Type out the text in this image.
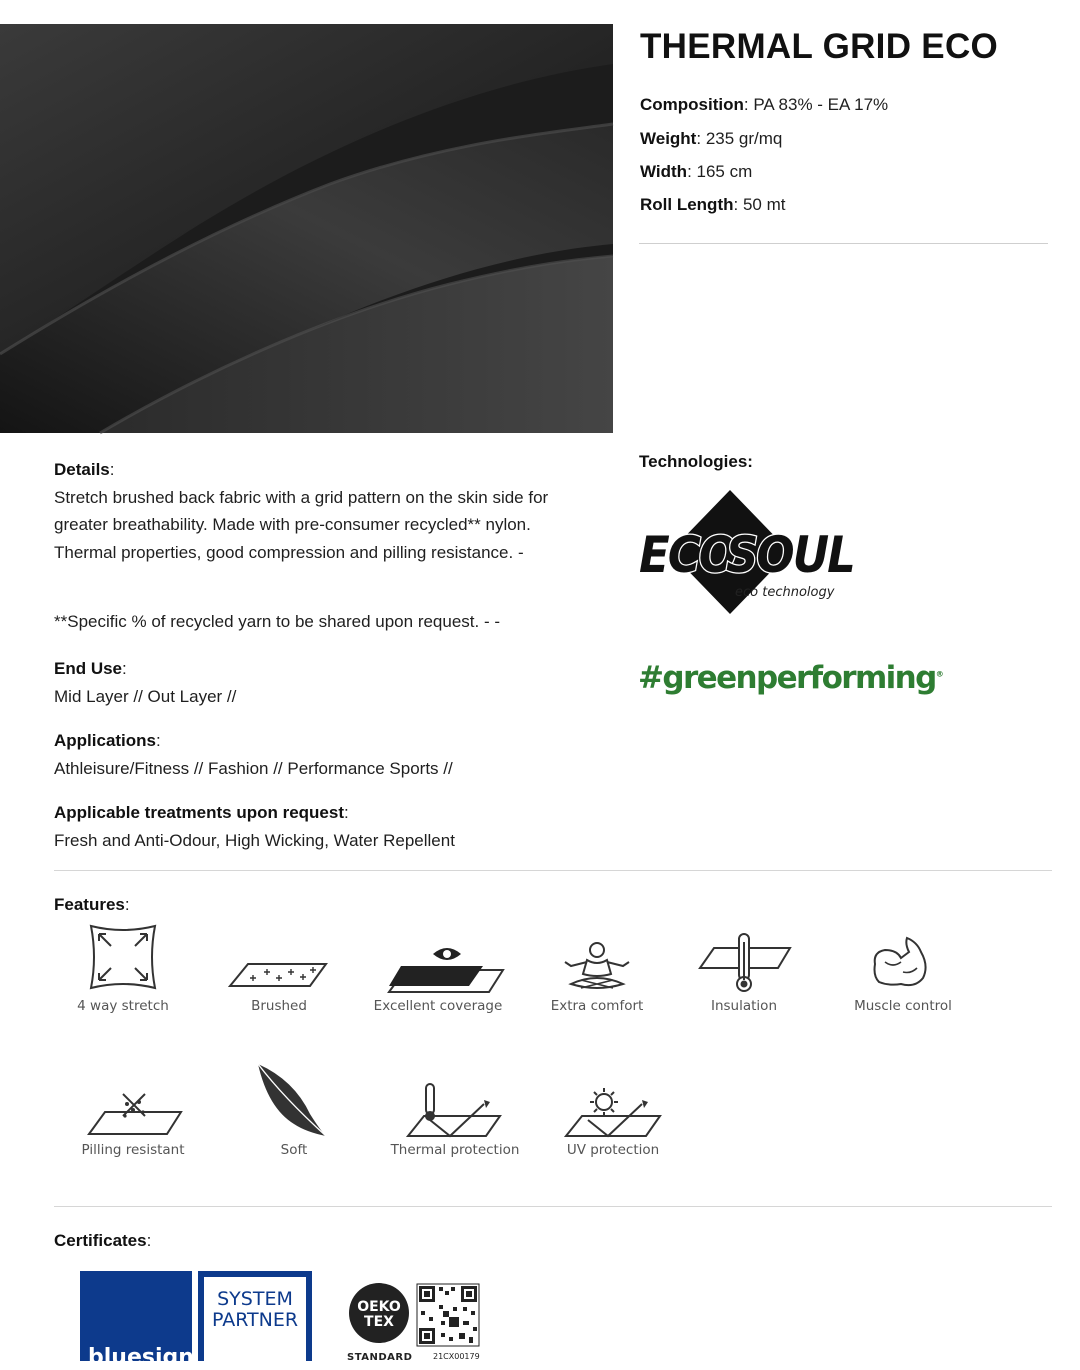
THERMAL GRID ECO
Composition: PA 83% - EA 17%
Weight: 235 gr/mq
Width: 165 cm
Roll Length: 50 mt
Details:
Stretch brushed back fabric with a grid pattern on the skin side for greater breathability. Made with pre-consumer recycled** nylon. Thermal properties, good compression and pilling resistance. -
**Specific % of recycled yarn to be shared upon request. - -
End Use:
Mid Layer // Out Layer //
Applications:
Athleisure/Fitness // Fashion // Performance Sports //
Applicable treatments upon request:
Fresh and Anti-Odour, High Wicking, Water Repellent
Technologies:
ECO
SOUL
eco technology
#greenperforming®
Features:
4 way stretch	Brushed	Excellent coverage	Extra comfort	Insulation	Muscle control
Pilling resistant	Soft	Thermal protection	UV protection
Certificates:
SYSTEM
PARTNER
bluesign
OEKO
TEX
STANDARD	21CX00179
